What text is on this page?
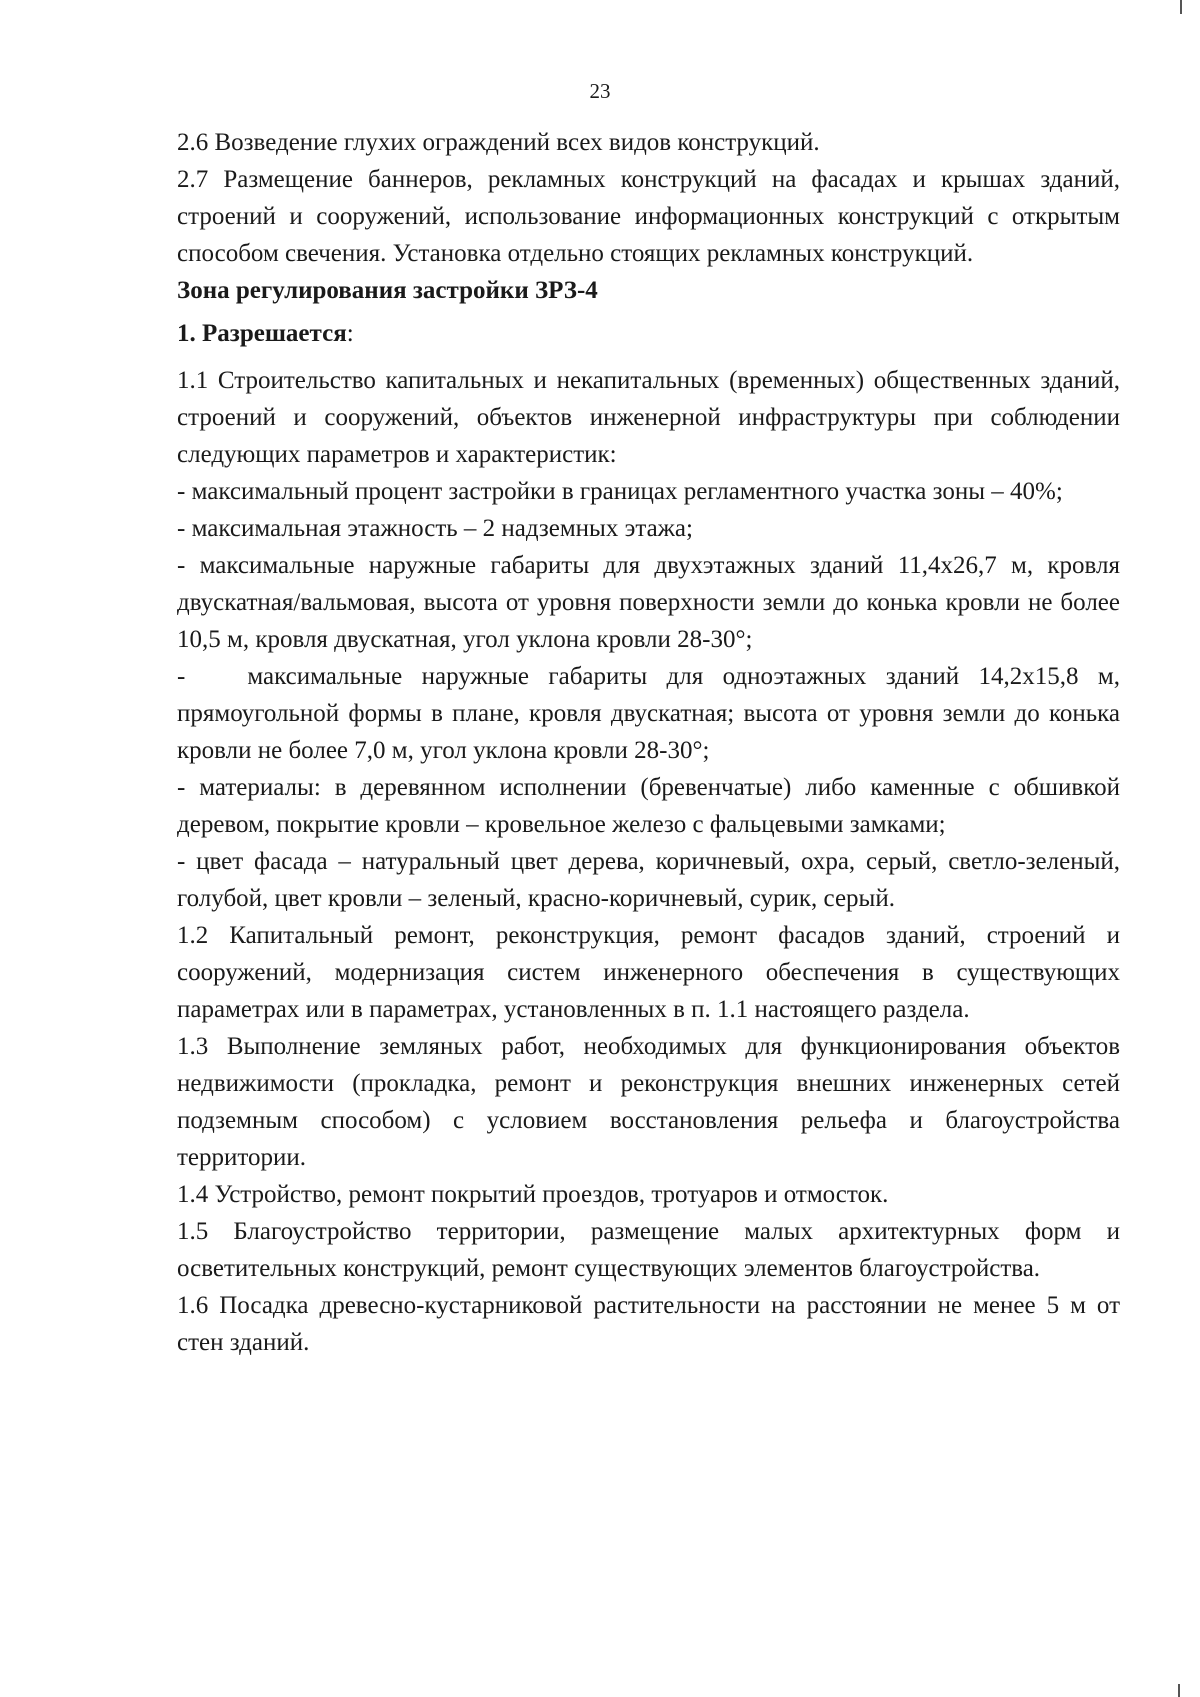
23

2.6 Возведение глухих ограждений всех видов конструкций.

2.7 Размещение баннеров, рекламных конструкций на фасадах и крышах зданий, строений и сооружений, использование информационных конструкций с открытым способом свечения. Установка отдельно стоящих рекламных конструкций.

Зона регулирования застройки ЗРЗ-4

1. Разрешается:

1.1 Строительство капитальных и некапитальных (временных) общественных зданий, строений и сооружений, объектов инженерной инфраструктуры при соблюдении следующих параметров и характеристик:

- максимальный процент застройки в границах регламентного участка зоны – 40%;

- максимальная этажность – 2 надземных этажа;

- максимальные наружные габариты для двухэтажных зданий 11,4х26,7 м, кровля двускатная/вальмовая, высота от уровня поверхности земли до конька кровли не более 10,5 м, кровля двускатная, угол уклона кровли 28-30°;

- максимальные наружные габариты для одноэтажных зданий 14,2х15,8 м, прямоугольной формы в плане, кровля двускатная; высота от уровня земли до конька кровли не более 7,0 м, угол уклона кровли 28-30°;

- материалы: в деревянном исполнении (бревенчатые) либо каменные с обшивкой деревом, покрытие кровли – кровельное железо с фальцевыми замками;

- цвет фасада – натуральный цвет дерева, коричневый, охра, серый, светло-зеленый, голубой, цвет кровли – зеленый, красно-коричневый, сурик, серый.

1.2 Капитальный ремонт, реконструкция, ремонт фасадов зданий, строений и сооружений, модернизация систем инженерного обеспечения в существующих параметрах или в параметрах, установленных в п. 1.1 настоящего раздела.

1.3 Выполнение земляных работ, необходимых для функционирования объектов недвижимости (прокладка, ремонт и реконструкция внешних инженерных сетей подземным способом) с условием восстановления рельефа и благоустройства территории.

1.4 Устройство, ремонт покрытий проездов, тротуаров и отмосток.

1.5 Благоустройство территории, размещение малых архитектурных форм и осветительных конструкций, ремонт существующих элементов благоустройства.

1.6 Посадка древесно-кустарниковой растительности на расстоянии не менее 5 м от стен зданий.
